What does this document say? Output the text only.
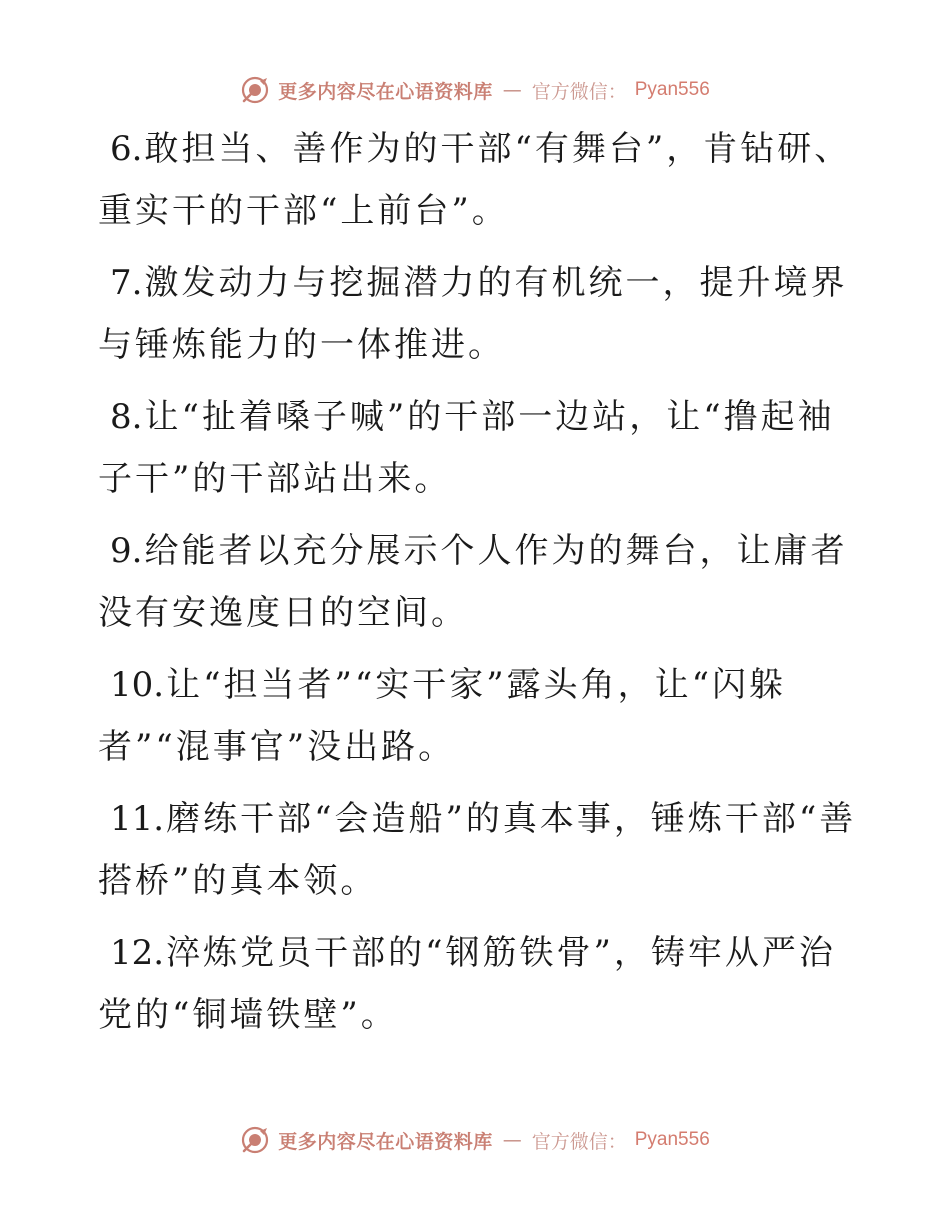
更多内容尽在心语资料库 — 官方微信： Pyan556

6.敢担当、善作为的干部“有舞台”，肯钻研、重实干的干部“上前台”。

7.激发动力与挖掘潜力的有机统一，提升境界与锤炼能力的一体推进。

8.让“扯着嗓子喊”的干部一边站，让“撸起袖子干”的干部站出来。

9.给能者以充分展示个人作为的舞台，让庸者没有安逸度日的空间。

10.让“担当者”“实干家”露头角，让“闪躲者”“混事官”没出路。

11.磨练干部“会造船”的真本事，锤炼干部“善搭桥”的真本领。

12.淬炼党员干部的“钢筋铁骨”，铸牢从严治党的“铜墙铁壁”。

更多内容尽在心语资料库 — 官方微信： Pyan556
